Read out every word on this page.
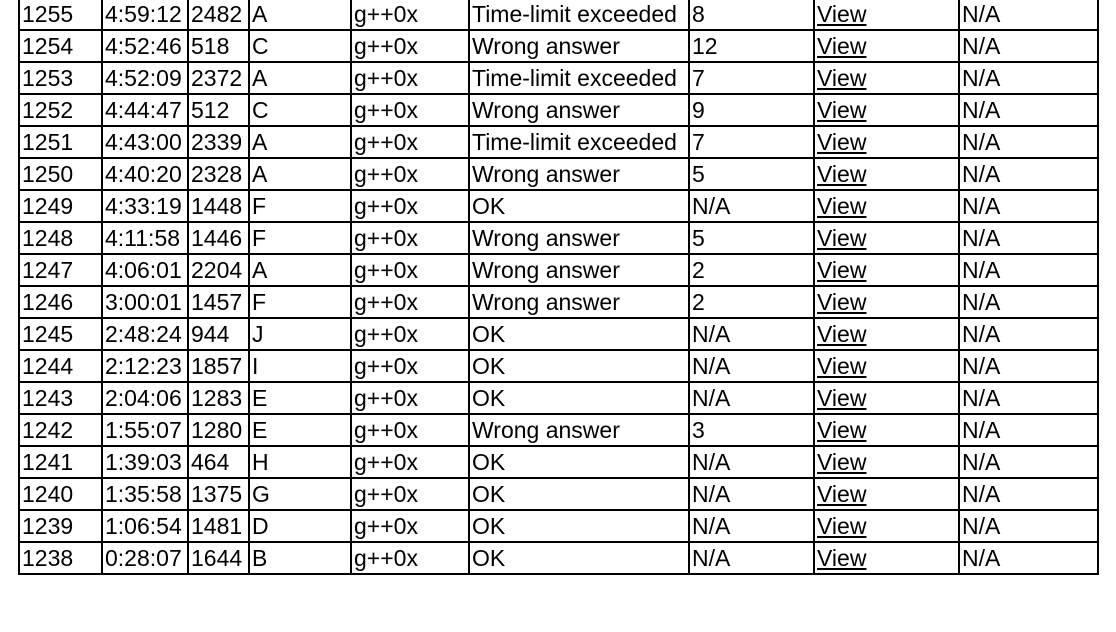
1255	4:59:12	2482	A	g++0x	Time-limit exceeded	8	View	N/A
1254	4:52:46	518	C	g++0x	Wrong answer	12	View	N/A
1253	4:52:09	2372	A	g++0x	Time-limit exceeded	7	View	N/A
1252	4:44:47	512	C	g++0x	Wrong answer	9	View	N/A
1251	4:43:00	2339	A	g++0x	Time-limit exceeded	7	View	N/A
1250	4:40:20	2328	A	g++0x	Wrong answer	5	View	N/A
1249	4:33:19	1448	F	g++0x	OK	N/A	View	N/A
1248	4:11:58	1446	F	g++0x	Wrong answer	5	View	N/A
1247	4:06:01	2204	A	g++0x	Wrong answer	2	View	N/A
1246	3:00:01	1457	F	g++0x	Wrong answer	2	View	N/A
1245	2:48:24	944	J	g++0x	OK	N/A	View	N/A
1244	2:12:23	1857	I	g++0x	OK	N/A	View	N/A
1243	2:04:06	1283	E	g++0x	OK	N/A	View	N/A
1242	1:55:07	1280	E	g++0x	Wrong answer	3	View	N/A
1241	1:39:03	464	H	g++0x	OK	N/A	View	N/A
1240	1:35:58	1375	G	g++0x	OK	N/A	View	N/A
1239	1:06:54	1481	D	g++0x	OK	N/A	View	N/A
1238	0:28:07	1644	B	g++0x	OK	N/A	View	N/A
